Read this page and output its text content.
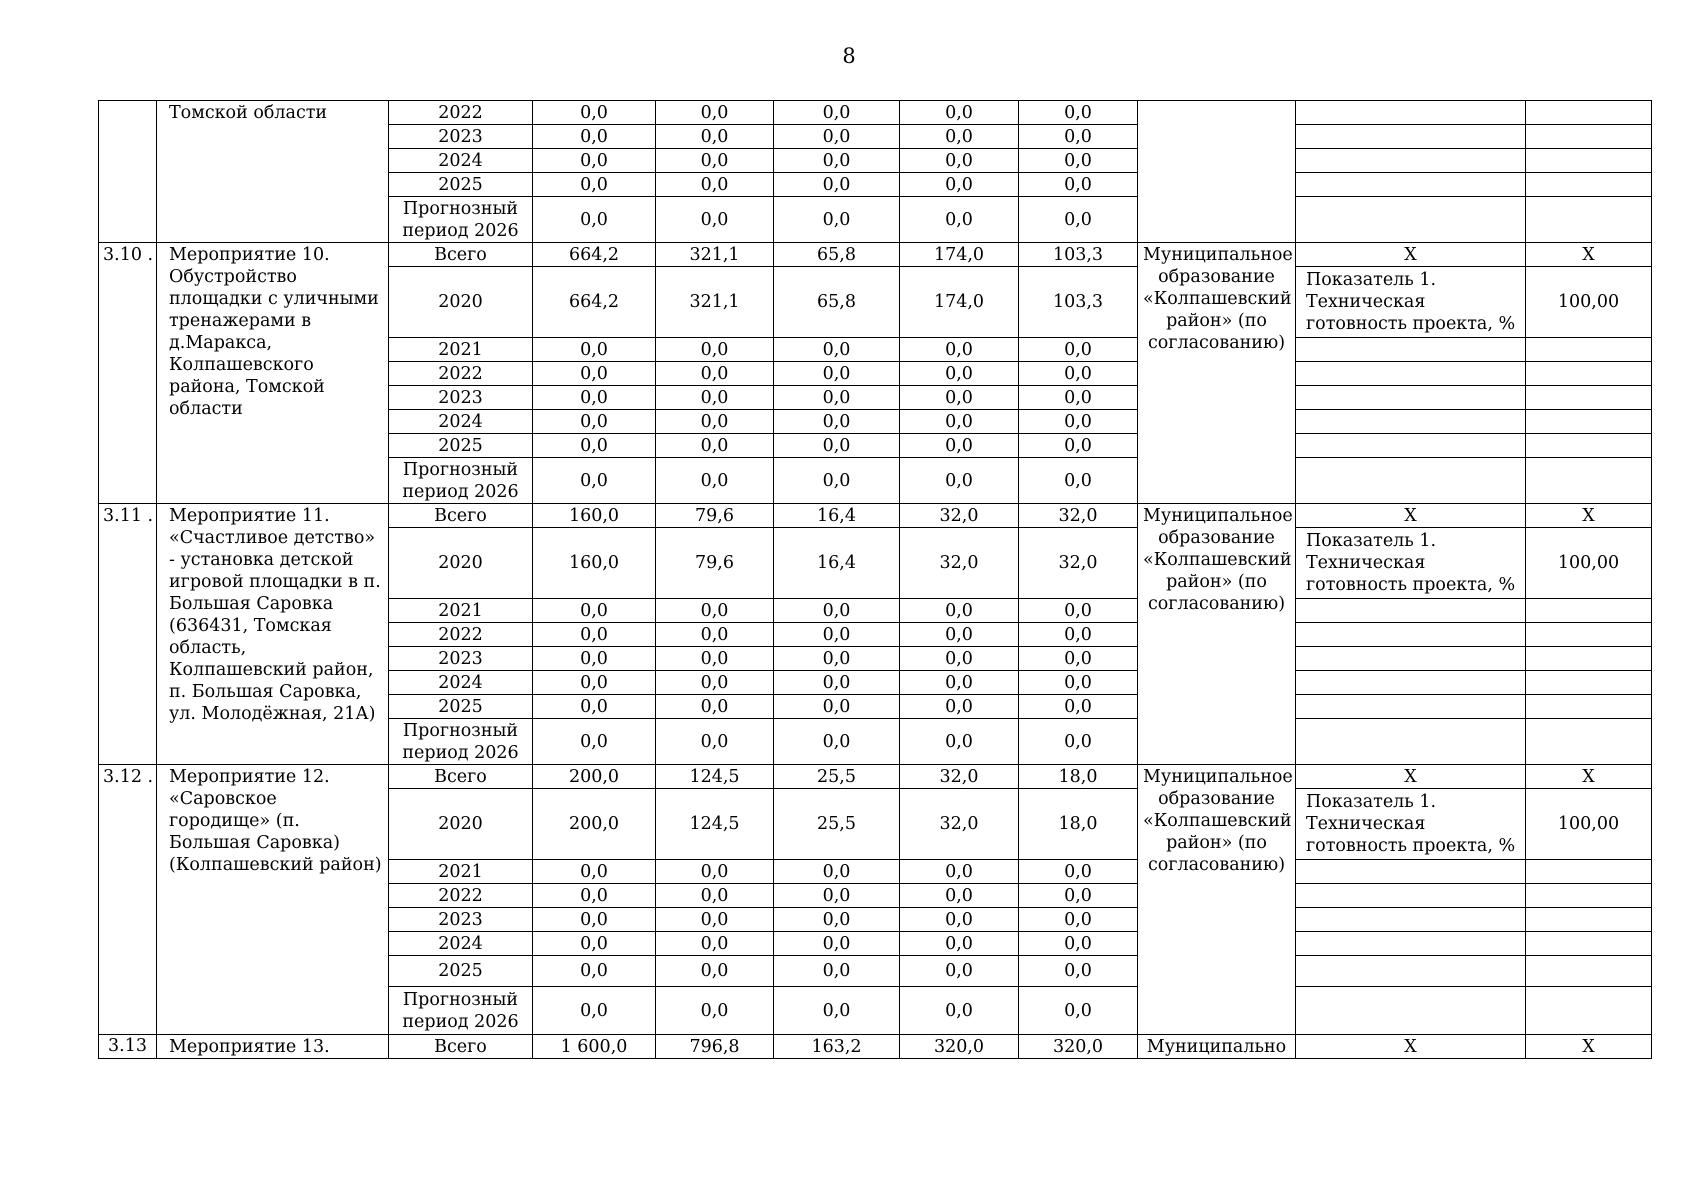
8
	Томской области	2022	0,0	0,0	0,0	0,0	0,0			
		2023	0,0	0,0	0,0	0,0	0,0			
		2024	0,0	0,0	0,0	0,0	0,0			
		2025	0,0	0,0	0,0	0,0	0,0			
		Прогнозный период 2026	0,0	0,0	0,0	0,0	0,0			
3.10 .	Мероприятие 10. Обустройство площадки с уличными тренажерами в д.Маракса, Колпашевского района, Томской области	Всего	664,2	321,1	65,8	174,0	103,3	Муниципальное образование «Колпашевский район» (по согласованию)	X	X
		2020	664,2	321,1	65,8	174,0	103,3		Показатель 1. Техническая готовность проекта, %	100,00
		2021	0,0	0,0	0,0	0,0	0,0			
		2022	0,0	0,0	0,0	0,0	0,0			
		2023	0,0	0,0	0,0	0,0	0,0			
		2024	0,0	0,0	0,0	0,0	0,0			
		2025	0,0	0,0	0,0	0,0	0,0			
		Прогнозный период 2026	0,0	0,0	0,0	0,0	0,0			
3.11 .	Мероприятие 11. «Счастливое детство» - установка детской игровой площадки в п. Большая Саровка (636431, Томская область, Колпашевский район, п. Большая Саровка, ул. Молодёжная, 21А)	Всего	160,0	79,6	16,4	32,0	32,0	Муниципальное образование «Колпашевский район» (по согласованию)	X	X
		2020	160,0	79,6	16,4	32,0	32,0		Показатель 1. Техническая готовность проекта, %	100,00
		2021	0,0	0,0	0,0	0,0	0,0			
		2022	0,0	0,0	0,0	0,0	0,0			
		2023	0,0	0,0	0,0	0,0	0,0			
		2024	0,0	0,0	0,0	0,0	0,0			
		2025	0,0	0,0	0,0	0,0	0,0			
		Прогнозный период 2026	0,0	0,0	0,0	0,0	0,0			
3.12 .	Мероприятие 12. «Саровское городище» (п. Большая Саровка) (Колпашевский район)	Всего	200,0	124,5	25,5	32,0	18,0	Муниципальное образование «Колпашевский район» (по согласованию)	X	X
		2020	200,0	124,5	25,5	32,0	18,0		Показатель 1. Техническая готовность проекта, %	100,00
		2021	0,0	0,0	0,0	0,0	0,0			
		2022	0,0	0,0	0,0	0,0	0,0			
		2023	0,0	0,0	0,0	0,0	0,0			
		2024	0,0	0,0	0,0	0,0	0,0			
		2025	0,0	0,0	0,0	0,0	0,0			
		Прогнозный период 2026	0,0	0,0	0,0	0,0	0,0			
3.13	Мероприятие 13.	Всего	1 600,0	796,8	163,2	320,0	320,0	Муниципально	X	X
